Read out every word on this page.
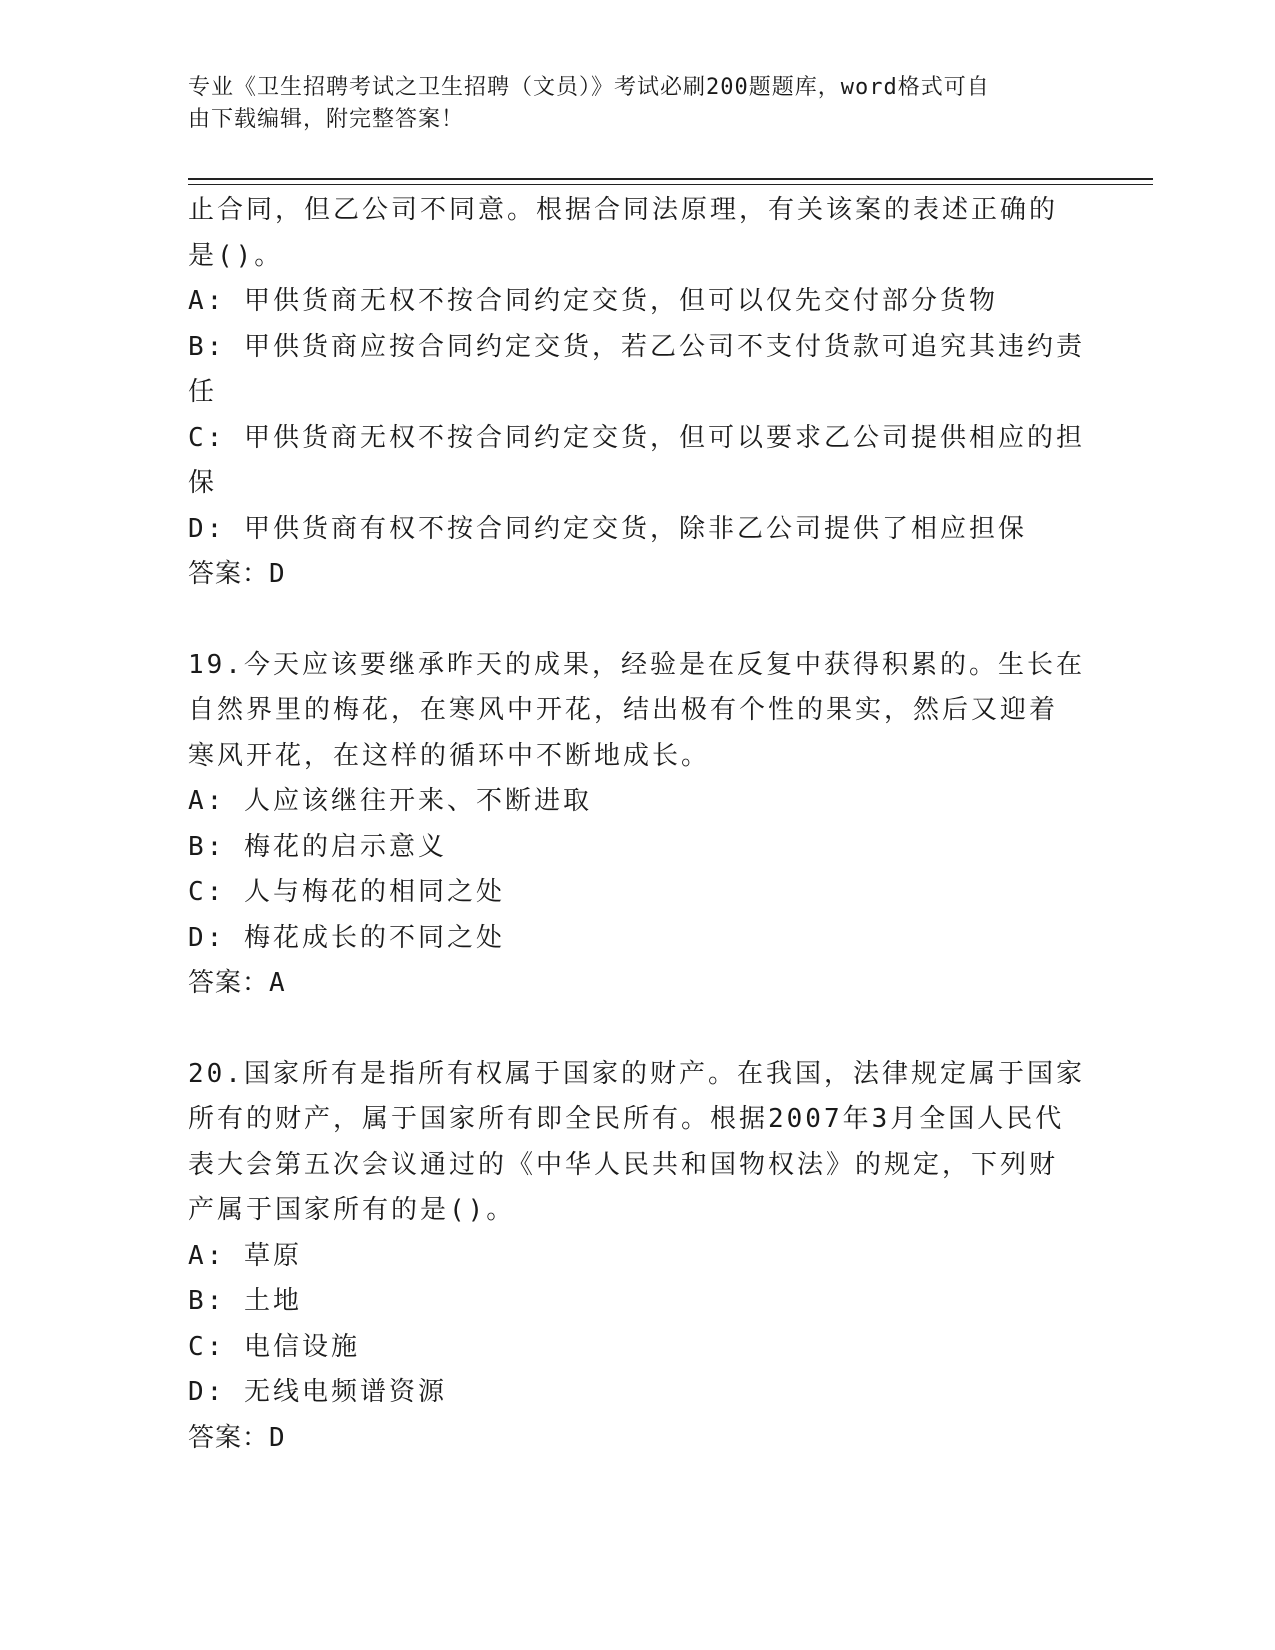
专业《卫生招聘考试之卫生招聘（文员）》考试必刷200题题库，word格式可自
由下载编辑，附完整答案！

止合同，但乙公司不同意。根据合同法原理，有关该案的表述正确的

是()。

A: 甲供货商无权不按合同约定交货，但可以仅先交付部分货物

B: 甲供货商应按合同约定交货，若乙公司不支付货款可追究其违约责

任

C: 甲供货商无权不按合同约定交货，但可以要求乙公司提供相应的担

保

D: 甲供货商有权不按合同约定交货，除非乙公司提供了相应担保

答案：D

19.今天应该要继承昨天的成果，经验是在反复中获得积累的。生长在

自然界里的梅花，在寒风中开花，结出极有个性的果实，然后又迎着

寒风开花，在这样的循环中不断地成长。

A: 人应该继往开来、不断进取

B: 梅花的启示意义

C: 人与梅花的相同之处

D: 梅花成长的不同之处

答案：A

20.国家所有是指所有权属于国家的财产。在我国，法律规定属于国家

所有的财产，属于国家所有即全民所有。根据2007年3月全国人民代

表大会第五次会议通过的《中华人民共和国物权法》的规定，下列财

产属于国家所有的是()。

A: 草原

B: 土地

C: 电信设施

D: 无线电频谱资源

答案：D
